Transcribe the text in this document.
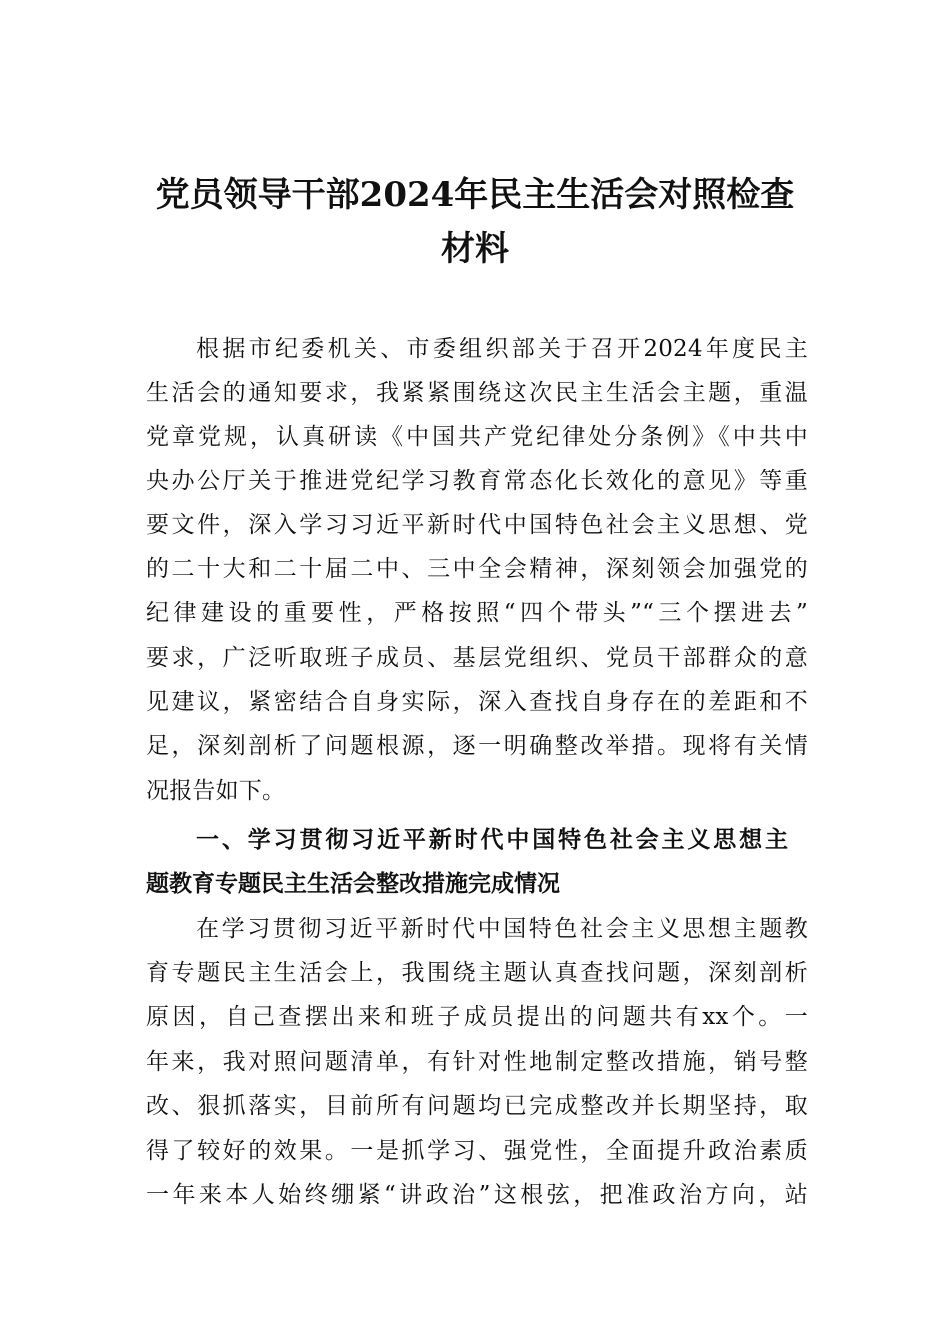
党员领导干部2024年民主生活会对照检查
材料
根据市纪委机关、市委组织部关于召开2024年度民主
生活会的通知要求，我紧紧围绕这次民主生活会主题，重温
党章党规，认真研读《中国共产党纪律处分条例》《中共中
央办公厅关于推进党纪学习教育常态化长效化的意见》等重
要文件，深入学习习近平新时代中国特色社会主义思想、党
的二十大和二十届二中、三中全会精神，深刻领会加强党的
纪律建设的重要性，严格按照“四个带头”“三个摆进去”
要求，广泛听取班子成员、基层党组织、党员干部群众的意
见建议，紧密结合自身实际，深入查找自身存在的差距和不
足，深刻剖析了问题根源，逐一明确整改举措。现将有关情
况报告如下。
一、学习贯彻习近平新时代中国特色社会主义思想主
题教育专题民主生活会整改措施完成情况
在学习贯彻习近平新时代中国特色社会主义思想主题教
育专题民主生活会上，我围绕主题认真查找问题，深刻剖析
原因，自己查摆出来和班子成员提出的问题共有xx个。一
年来，我对照问题清单，有针对性地制定整改措施，销号整
改、狠抓落实，目前所有问题均已完成整改并长期坚持，取
得了较好的效果。一是抓学习、强党性，全面提升政治素质
一年来本人始终绷紧“讲政治”这根弦，把准政治方向，站
